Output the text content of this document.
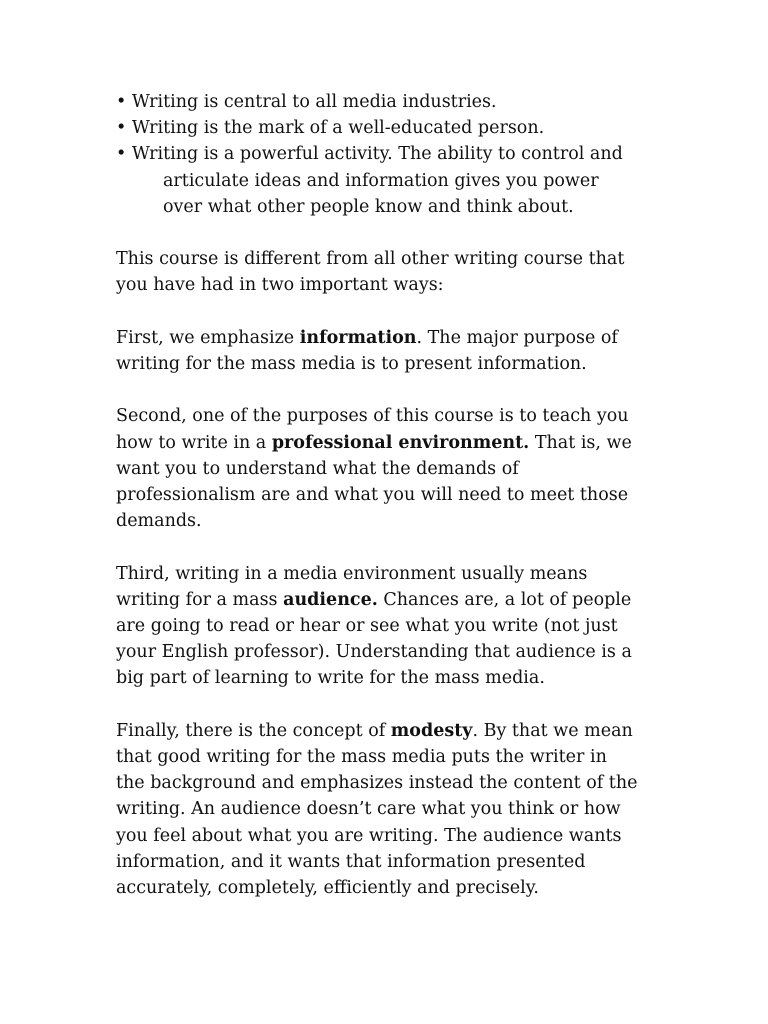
• Writing is central to all media industries.
• Writing is the mark of a well-educated person.
• Writing is a powerful activity. The ability to control and
articulate ideas and information gives you power
over what other people know and think about.

This course is different from all other writing course that
you have had in two important ways:

First, we emphasize information. The major purpose of
writing for the mass media is to present information.

Second, one of the purposes of this course is to teach you
how to write in a professional environment. That is, we
want you to understand what the demands of
professionalism are and what you will need to meet those
demands.

Third, writing in a media environment usually means
writing for a mass audience. Chances are, a lot of people
are going to read or hear or see what you write (not just
your English professor). Understanding that audience is a
big part of learning to write for the mass media.

Finally, there is the concept of modesty. By that we mean
that good writing for the mass media puts the writer in
the background and emphasizes instead the content of the
writing. An audience doesn’t care what you think or how
you feel about what you are writing. The audience wants
information, and it wants that information presented
accurately, completely, efficiently and precisely.
